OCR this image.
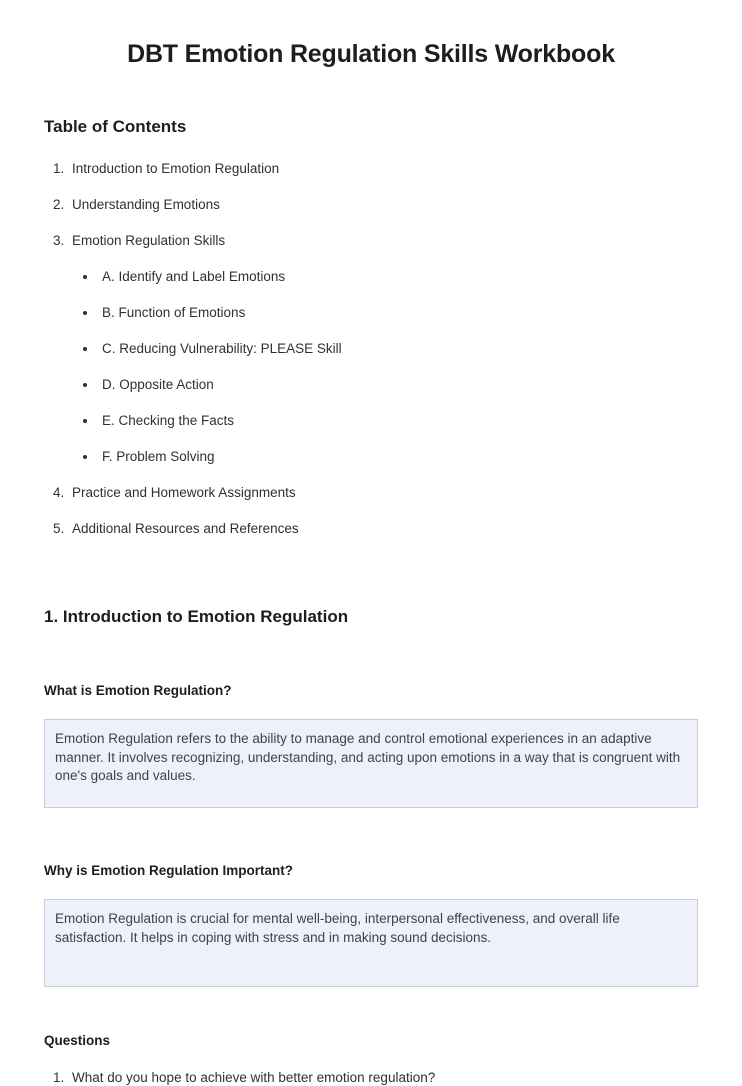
DBT Emotion Regulation Skills Workbook
Table of Contents
1. Introduction to Emotion Regulation
2. Understanding Emotions
3. Emotion Regulation Skills
• A. Identify and Label Emotions
• B. Function of Emotions
• C. Reducing Vulnerability: PLEASE Skill
• D. Opposite Action
• E. Checking the Facts
• F. Problem Solving
4. Practice and Homework Assignments
5. Additional Resources and References
1. Introduction to Emotion Regulation
What is Emotion Regulation?
Emotion Regulation refers to the ability to manage and control emotional experiences in an adaptive manner. It involves recognizing, understanding, and acting upon emotions in a way that is congruent with one's goals and values.
Why is Emotion Regulation Important?
Emotion Regulation is crucial for mental well-being, interpersonal effectiveness, and overall life satisfaction. It helps in coping with stress and in making sound decisions.
Questions
1. What do you hope to achieve with better emotion regulation?
